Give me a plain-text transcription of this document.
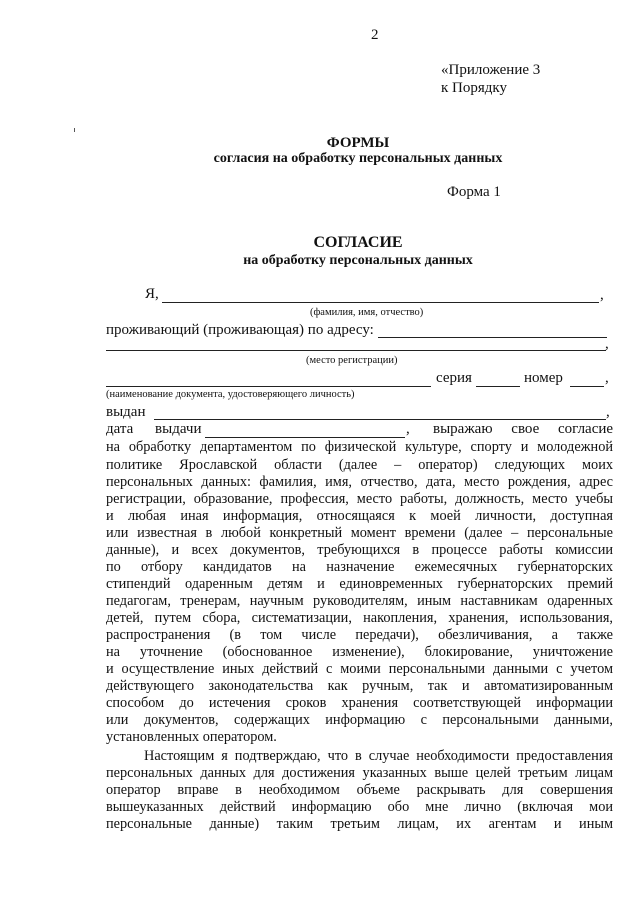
2
«Приложение 3
к Порядку
ФОРМЫ
согласия на обработку персональных данных
Форма 1
СОГЛАСИЕ
на обработку персональных данных
Я,	,
(фамилия, имя, отчество)
проживающий (проживающая) по адресу:
,
(место регистрации)
серия	номер	,
(наименование документа, удостоверяющего личность)
выдан	,
дата выдачи	, выражаю свое согласие
на обработку департаментом по физической культуре, спорту и молодежной
политике Ярославской области (далее – оператор) следующих моих
персональных данных: фамилия, имя, отчество, дата, место рождения, адрес
регистрации, образование, профессия, место работы, должность, место учебы
и любая иная информация, относящаяся к моей личности, доступная
или известная в любой конкретный момент времени (далее – персональные
данные), и всех документов, требующихся в процессе работы комиссии
по отбору кандидатов на назначение ежемесячных губернаторских
стипендий одаренным детям и единовременных губернаторских премий
педагогам, тренерам, научным руководителям, иным наставникам одаренных
детей, путем сбора, систематизации, накопления, хранения, использования,
распространения (в том числе передачи), обезличивания, а также
на уточнение (обоснованное изменение), блокирование, уничтожение
и осуществление иных действий с моими персональными данными с учетом
действующего законодательства как ручным, так и автоматизированным
способом до истечения сроков хранения соответствующей информации
или документов, содержащих информацию с персональными данными,
установленных оператором.
Настоящим я подтверждаю, что в случае необходимости предоставления
персональных данных для достижения указанных выше целей третьим лицам
оператор вправе в необходимом объеме раскрывать для совершения
вышеуказанных действий информацию обо мне лично (включая мои
персональные данные) таким третьим лицам, их агентам и иным
